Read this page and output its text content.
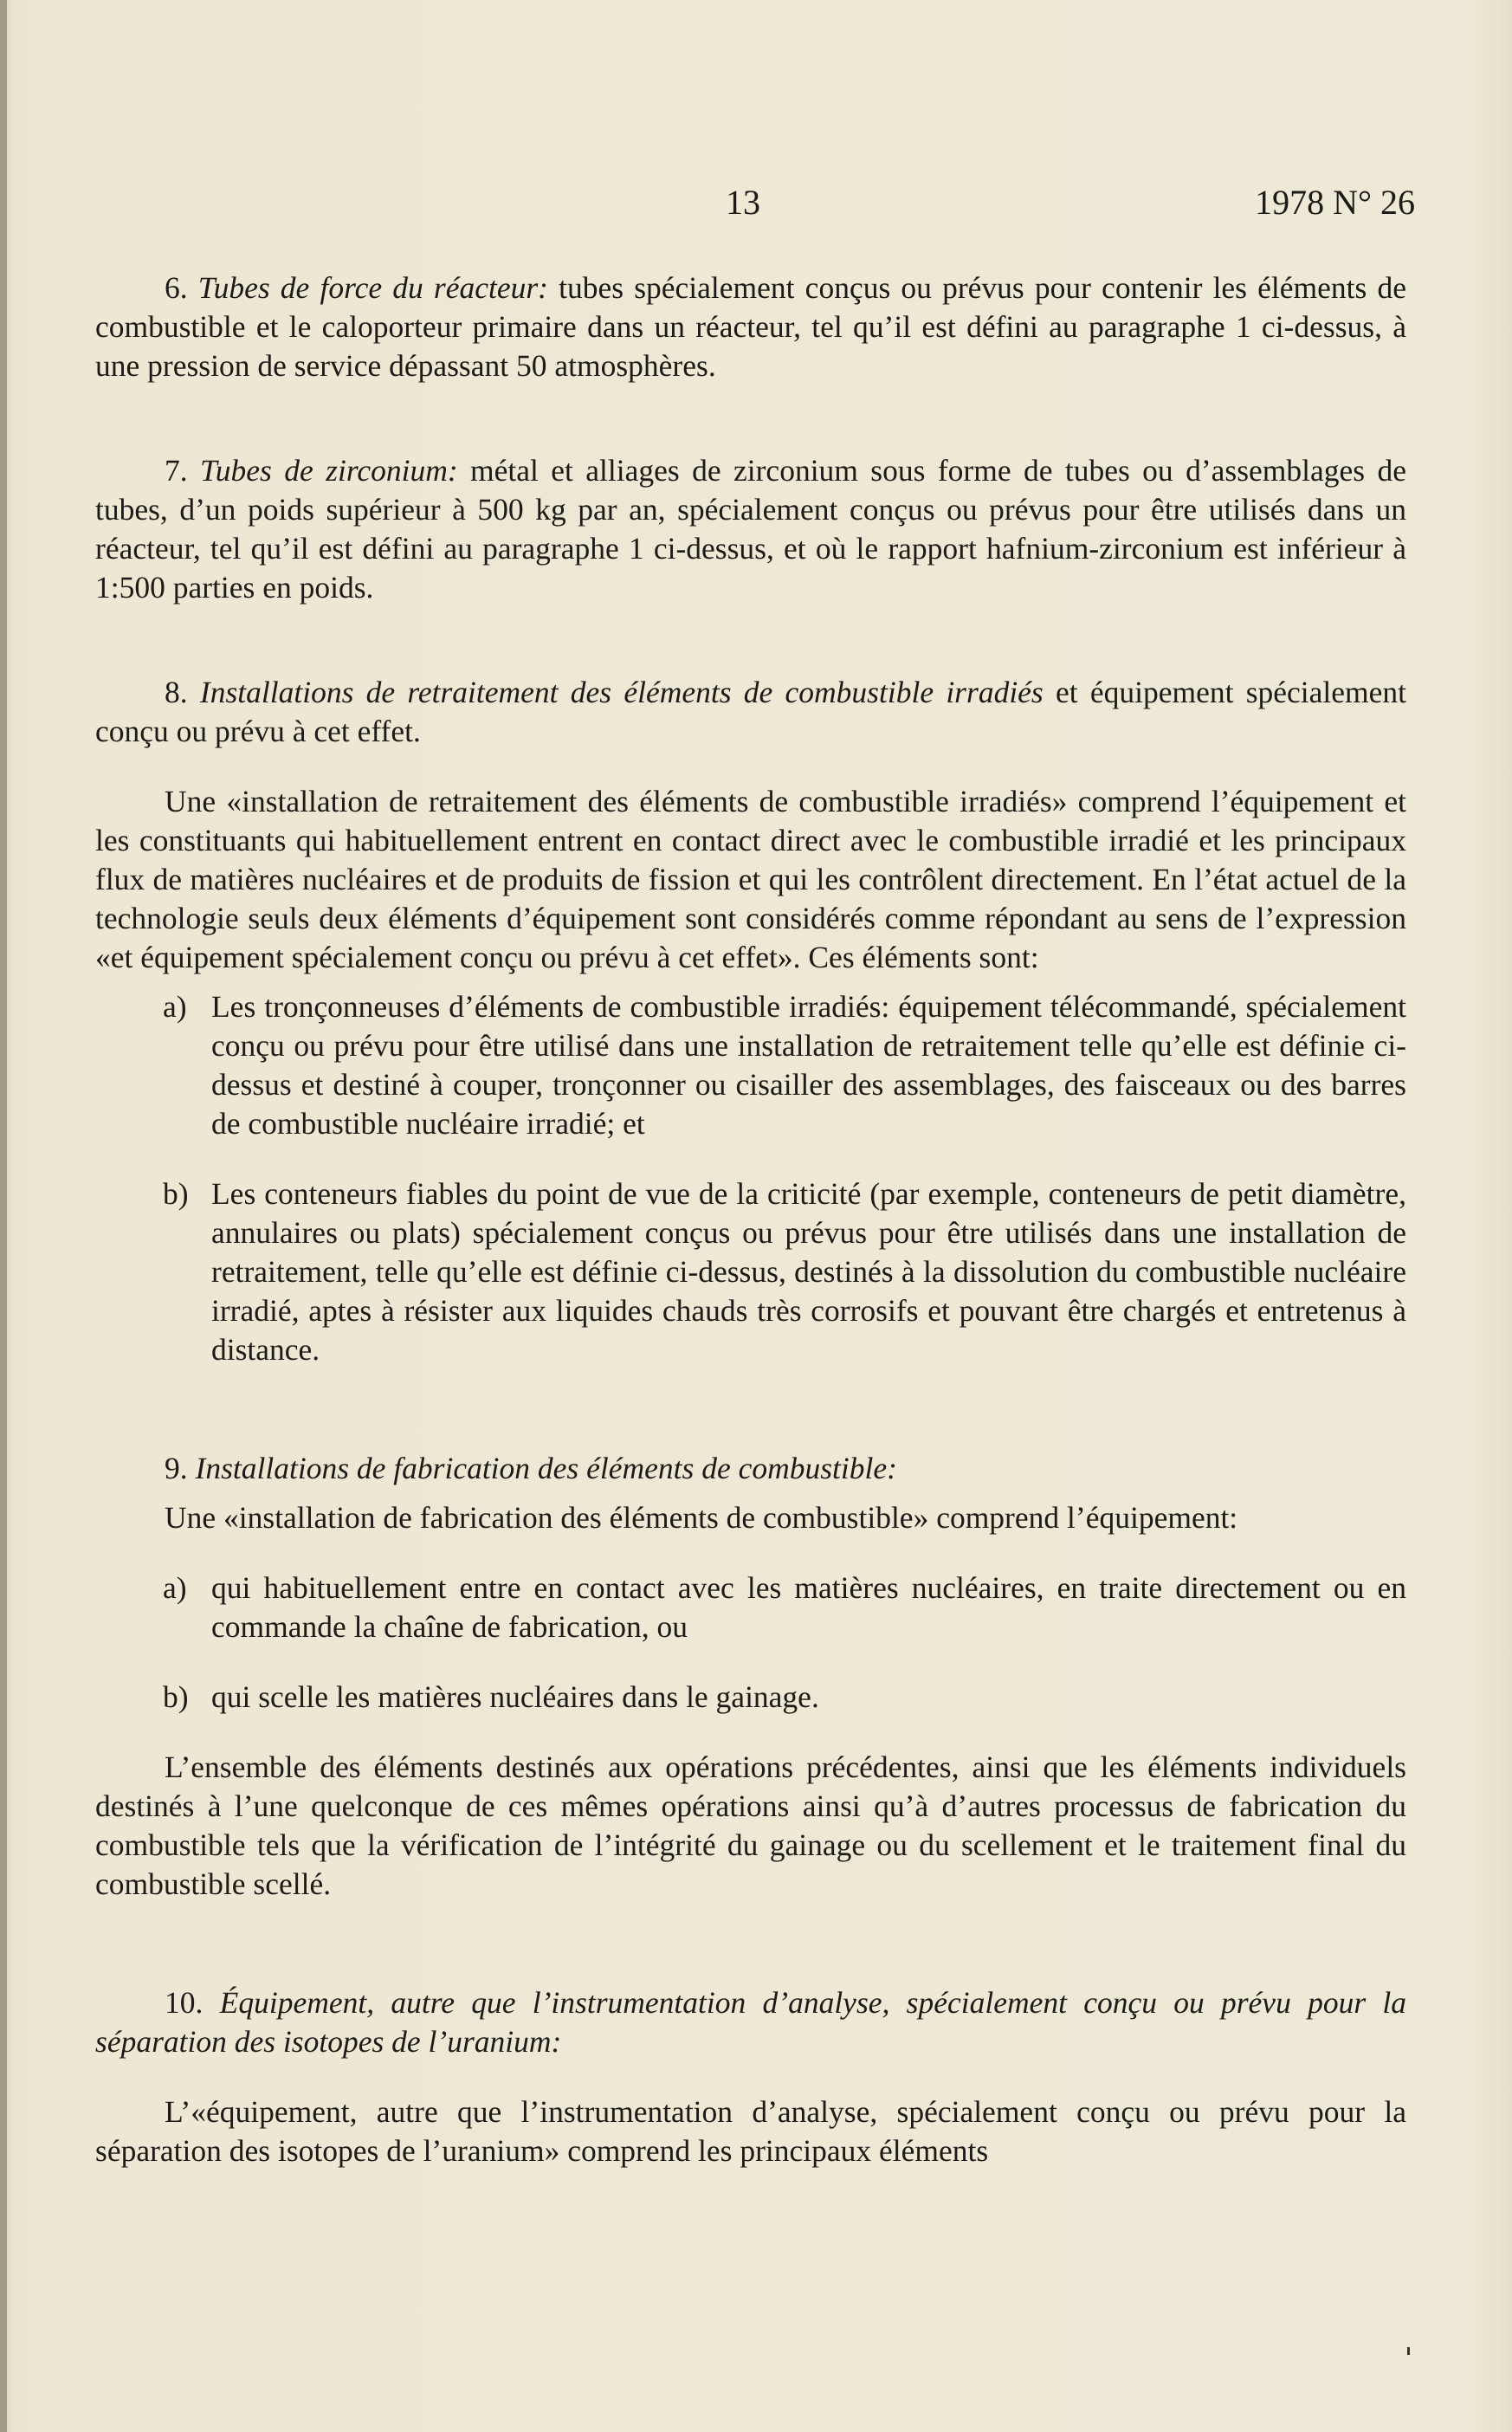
13	1978 N° 26

6. Tubes de force du réacteur: tubes spécialement conçus ou prévus pour contenir les éléments de combustible et le caloporteur primaire dans un réacteur, tel qu’il est défini au paragraphe 1 ci-dessus, à une pression de service dépassant 50 atmosphères.

7. Tubes de zirconium: métal et alliages de zirconium sous forme de tubes ou d’assemblages de tubes, d’un poids supérieur à 500 kg par an, spécialement conçus ou prévus pour être utilisés dans un réacteur, tel qu’il est défini au paragraphe 1 ci-dessus, et où le rapport hafnium-zirconium est inférieur à 1:500 parties en poids.

8. Installations de retraitement des éléments de combustible irradiés et équipement spécialement conçu ou prévu à cet effet.

Une «installation de retraitement des éléments de combustible irradiés» comprend l’équipement et les constituants qui habituellement entrent en contact direct avec le combustible irradié et les principaux flux de matières nucléaires et de produits de fission et qui les contrôlent directement. En l’état actuel de la technologie seuls deux éléments d’équipement sont considérés comme répondant au sens de l’expression «et équipement spécialement conçu ou prévu à cet effet». Ces éléments sont:

a) Les tronçonneuses d’éléments de combustible irradiés: équipement télécommandé, spécialement conçu ou prévu pour être utilisé dans une installation de retraitement telle qu’elle est définie ci-dessus et destiné à couper, tronçonner ou cisailler des assemblages, des faisceaux ou des barres de combustible nucléaire irradié; et

b) Les conteneurs fiables du point de vue de la criticité (par exemple, conteneurs de petit diamètre, annulaires ou plats) spécialement conçus ou prévus pour être utilisés dans une installation de retraitement, telle qu’elle est définie ci-dessus, destinés à la dissolution du combustible nucléaire irradié, aptes à résister aux liquides chauds très corrosifs et pouvant être chargés et entretenus à distance.

9. Installations de fabrication des éléments de combustible:

Une «installation de fabrication des éléments de combustible» comprend l’équipement:

a) qui habituellement entre en contact avec les matières nucléaires, en traite directement ou en commande la chaîne de fabrication, ou

b) qui scelle les matières nucléaires dans le gainage.

L’ensemble des éléments destinés aux opérations précédentes, ainsi que les éléments individuels destinés à l’une quelconque de ces mêmes opérations ainsi qu’à d’autres processus de fabrication du combustible tels que la vérification de l’intégrité du gainage ou du scellement et le traitement final du combustible scellé.

10. Équipement, autre que l’instrumentation d’analyse, spécialement conçu ou prévu pour la séparation des isotopes de l’uranium:

L’«équipement, autre que l’instrumentation d’analyse, spécialement conçu ou prévu pour la séparation des isotopes de l’uranium» comprend les principaux éléments
